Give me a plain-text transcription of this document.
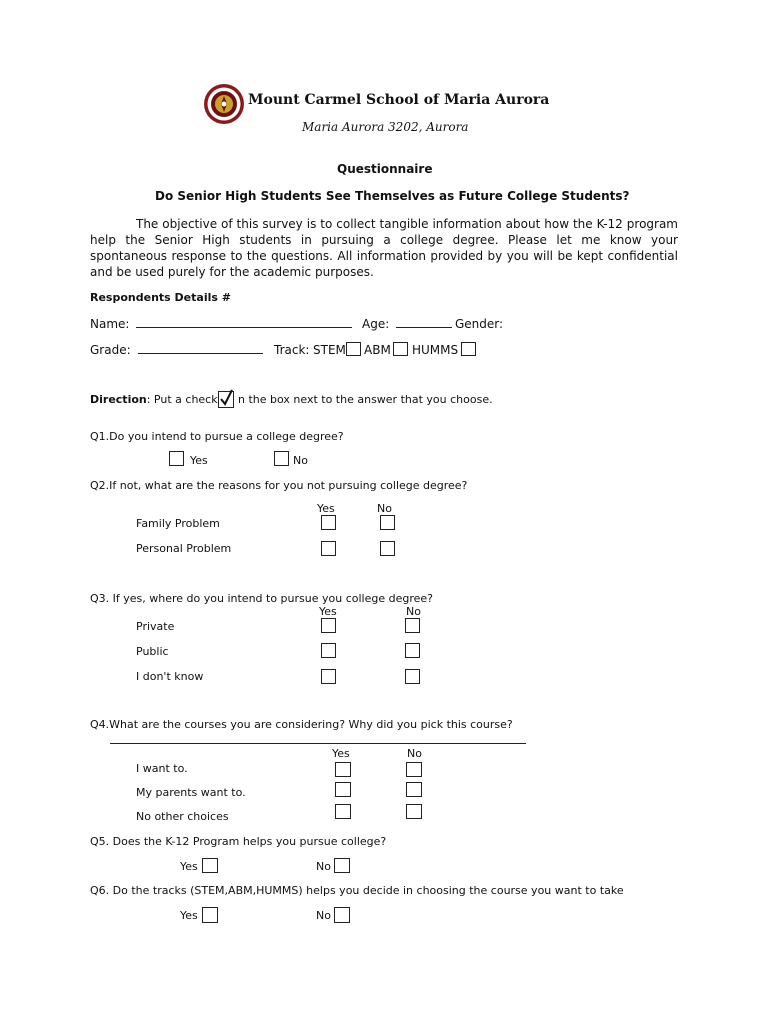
Mount Carmel School of Maria Aurora
Maria Aurora 3202, Aurora
Questionnaire
Do Senior High Students See Themselves as Future College Students?

The objective of this survey is to collect tangible information about how the K-12 program help the Senior High students in pursuing a college degree. Please let me know your spontaneous response to the questions. All information provided by you will be kept confidential and be used purely for the academic purposes.

Respondents Details #
Name:	Age:	Gender:
Grade:	Track: STEM ABM HUMMS
Direction: Put a check n the box next to the answer that you choose.
Q1.Do you intend to pursue a college degree?
Yes	No
Q2.If not, what are the reasons for you not pursuing college degree?
Yes	No
Family Problem
Personal Problem
Q3. If yes, where do you intend to pursue you college degree?
Yes	No
Private
Public
I don't know
Q4.What are the courses you are considering? Why did you pick this course?
Yes	No
I want to.
My parents want to.
No other choices
Q5. Does the K-12 Program helps you pursue college?
Yes	No
Q6. Do the tracks (STEM,ABM,HUMMS) helps you decide in choosing the course you want to take
Yes	No
